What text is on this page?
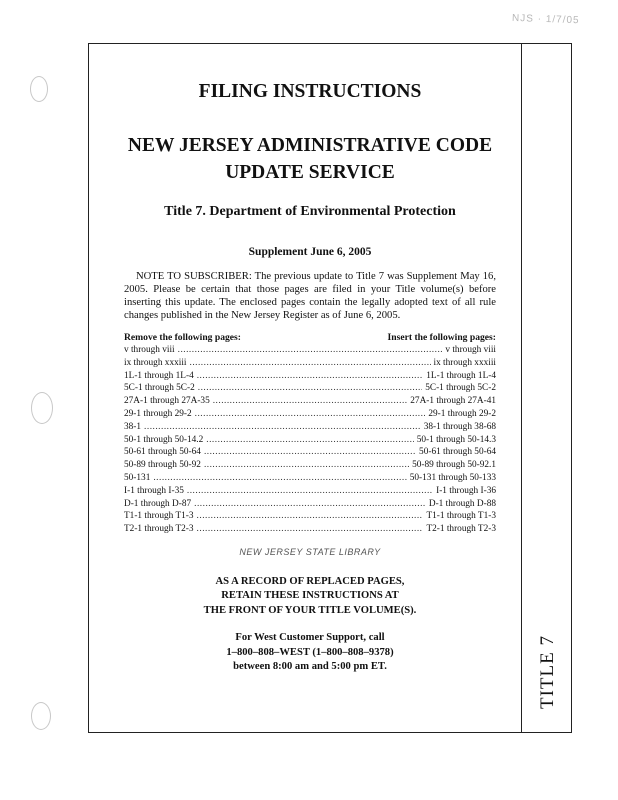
NJS · 1/7/05
TITLE 7

FILING INSTRUCTIONS

NEW JERSEY ADMINISTRATIVE CODE
UPDATE SERVICE

Title 7. Department of Environmental Protection

Supplement June 6, 2005

NOTE TO SUBSCRIBER: The previous update to Title 7 was Supplement May 16, 2005. Please be certain that those pages are filed in your Title volume(s) before inserting this update. The enclosed pages contain the legally adopted text of all rule changes published in the New Jersey Register as of June 6, 2005.

Remove the following pages:	Insert the following pages:
v through viii .....	v through viii
ix through xxxiii .....	ix through xxxiii
1L-1 through 1L-4 .....	1L-1 through 1L-4
5C-1 through 5C-2 .....	5C-1 through 5C-2
27A-1 through 27A-35 .....	27A-1 through 27A-41
29-1 through 29-2 .....	29-1 through 29-2
38-1 .....	38-1 through 38-68
50-1 through 50-14.2 .....	50-1 through 50-14.3
50-61 through 50-64 .....	50-61 through 50-64
50-89 through 50-92 .....	50-89 through 50-92.1
50-131 .....	50-131 through 50-133
I-1 through I-35 .....	I-1 through I-36
D-1 through D-87 .....	D-1 through D-88
T1-1 through T1-3 .....	T1-1 through T1-3
T2-1 through T2-3 .....	T2-1 through T2-3
NEW JERSEY STATE LIBRARY
AS A RECORD OF REPLACED PAGES,
RETAIN THESE INSTRUCTIONS AT
THE FRONT OF YOUR TITLE VOLUME(S).
For West Customer Support, call
1–800–808–WEST (1–800–808–9378)
between 8:00 am and 5:00 pm ET.
